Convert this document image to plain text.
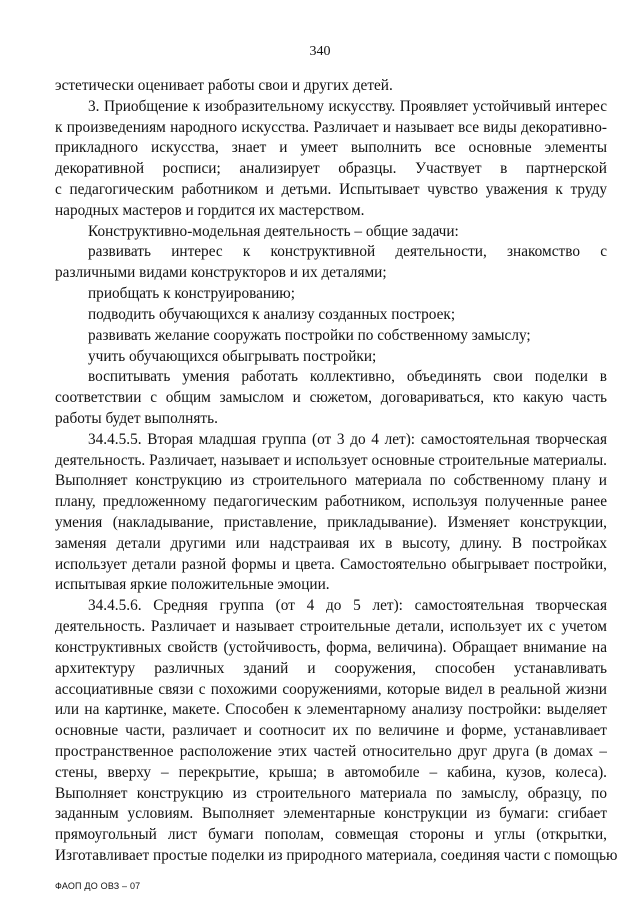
340
эстетически оценивает работы свои и других детей.
3. Приобщение к изобразительному искусству. Проявляет устойчивый интерес
к произведениям народного искусства. Различает и называет все виды декоративно-
прикладного искусства, знает и умеет выполнить все основные элементы
декоративной росписи; анализирует образцы. Участвует в партнерской
с педагогическим работником и детьми. Испытывает чувство уважения к труду
народных мастеров и гордится их мастерством.
Конструктивно-модельная деятельность – общие задачи:
развивать интерес к конструктивной деятельности, знакомство с
различными видами конструкторов и их деталями;
приобщать к конструированию;
подводить обучающихся к анализу созданных построек;
развивать желание сооружать постройки по собственному замыслу;
учить обучающихся обыгрывать постройки;
воспитывать умения работать коллективно, объединять свои поделки в
соответствии с общим замыслом и сюжетом, договариваться, кто какую часть
работы будет выполнять.
34.4.5.5. Вторая младшая группа (от 3 до 4 лет): самостоятельная творческая
деятельность. Различает, называет и использует основные строительные материалы.
Выполняет конструкцию из строительного материала по собственному плану и
плану, предложенному педагогическим работником, используя полученные ранее
умения (накладывание, приставление, прикладывание). Изменяет конструкции,
заменяя детали другими или надстраивая их в высоту, длину. В постройках
использует детали разной формы и цвета. Самостоятельно обыгрывает постройки,
испытывая яркие положительные эмоции.
34.4.5.6. Средняя группа (от 4 до 5 лет): самостоятельная творческая
деятельность. Различает и называет строительные детали, использует их с учетом
конструктивных свойств (устойчивость, форма, величина). Обращает внимание на
архитектуру различных зданий и сооружения, способен устанавливать
ассоциативные связи с похожими сооружениями, которые видел в реальной жизни
или на картинке, макете. Способен к элементарному анализу постройки: выделяет
основные части, различает и соотносит их по величине и форме, устанавливает
пространственное расположение этих частей относительно друг друга (в домах –
стены, вверху – перекрытие, крыша; в автомобиле – кабина, кузов, колеса).
Выполняет конструкцию из строительного материала по замыслу, образцу, по
заданным условиям. Выполняет элементарные конструкции из бумаги: сгибает
прямоугольный лист бумаги пополам, совмещая стороны и углы (открытки,
Изготавливает простые поделки из природного материала, соединяя части с помощью
ФАОП ДО ОВЗ – 07
